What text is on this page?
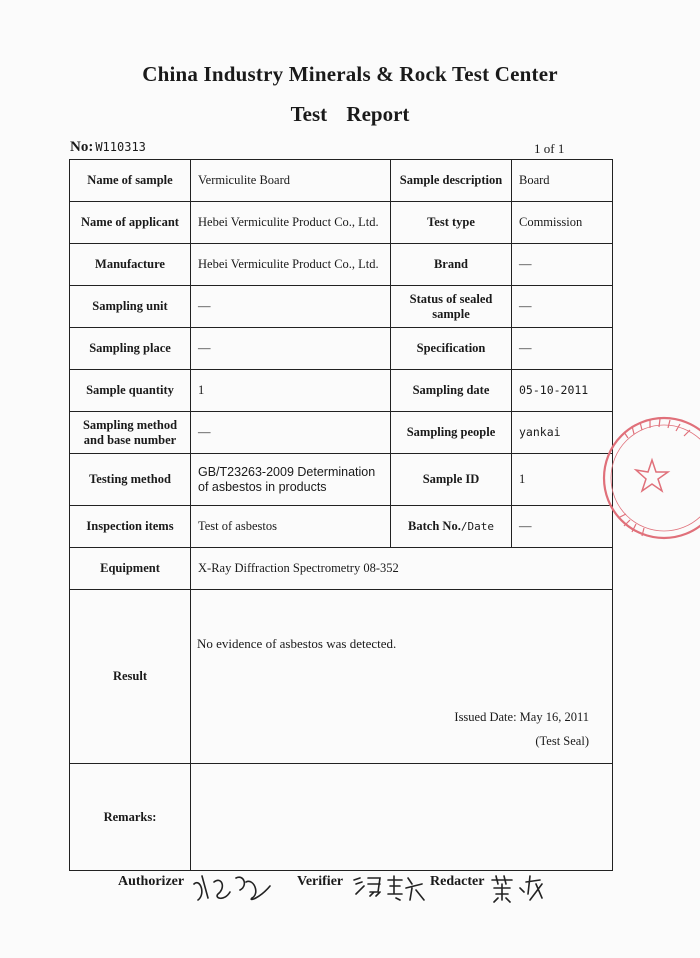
China Industry Minerals & Rock Test Center
Test Report
No: W110313	1 of 1
Name of sample	Vermiculite Board	Sample description	Board
Name of applicant	Hebei Vermiculite Product Co., Ltd.	Test type	Commission
Manufacture	Hebei Vermiculite Product Co., Ltd.	Brand	—
Sampling unit	—	Status of sealed sample	—
Sampling place	—	Specification	—
Sample quantity	1	Sampling date	05-10-2011
Sampling method and base number	—	Sampling people	yankai
Testing method	GB/T23263-2009 Determination of asbestos in products	Sample ID	1
Inspection items	Test of asbestos	Batch No./Date	—
Equipment	X-Ray Diffraction Spectrometry 08-352		
Result	No evidence of asbestos was detected.
Issued Date: May 16, 2011
(Test Seal)		

Remarks:			
Authorizer	Verifier	Redacter
